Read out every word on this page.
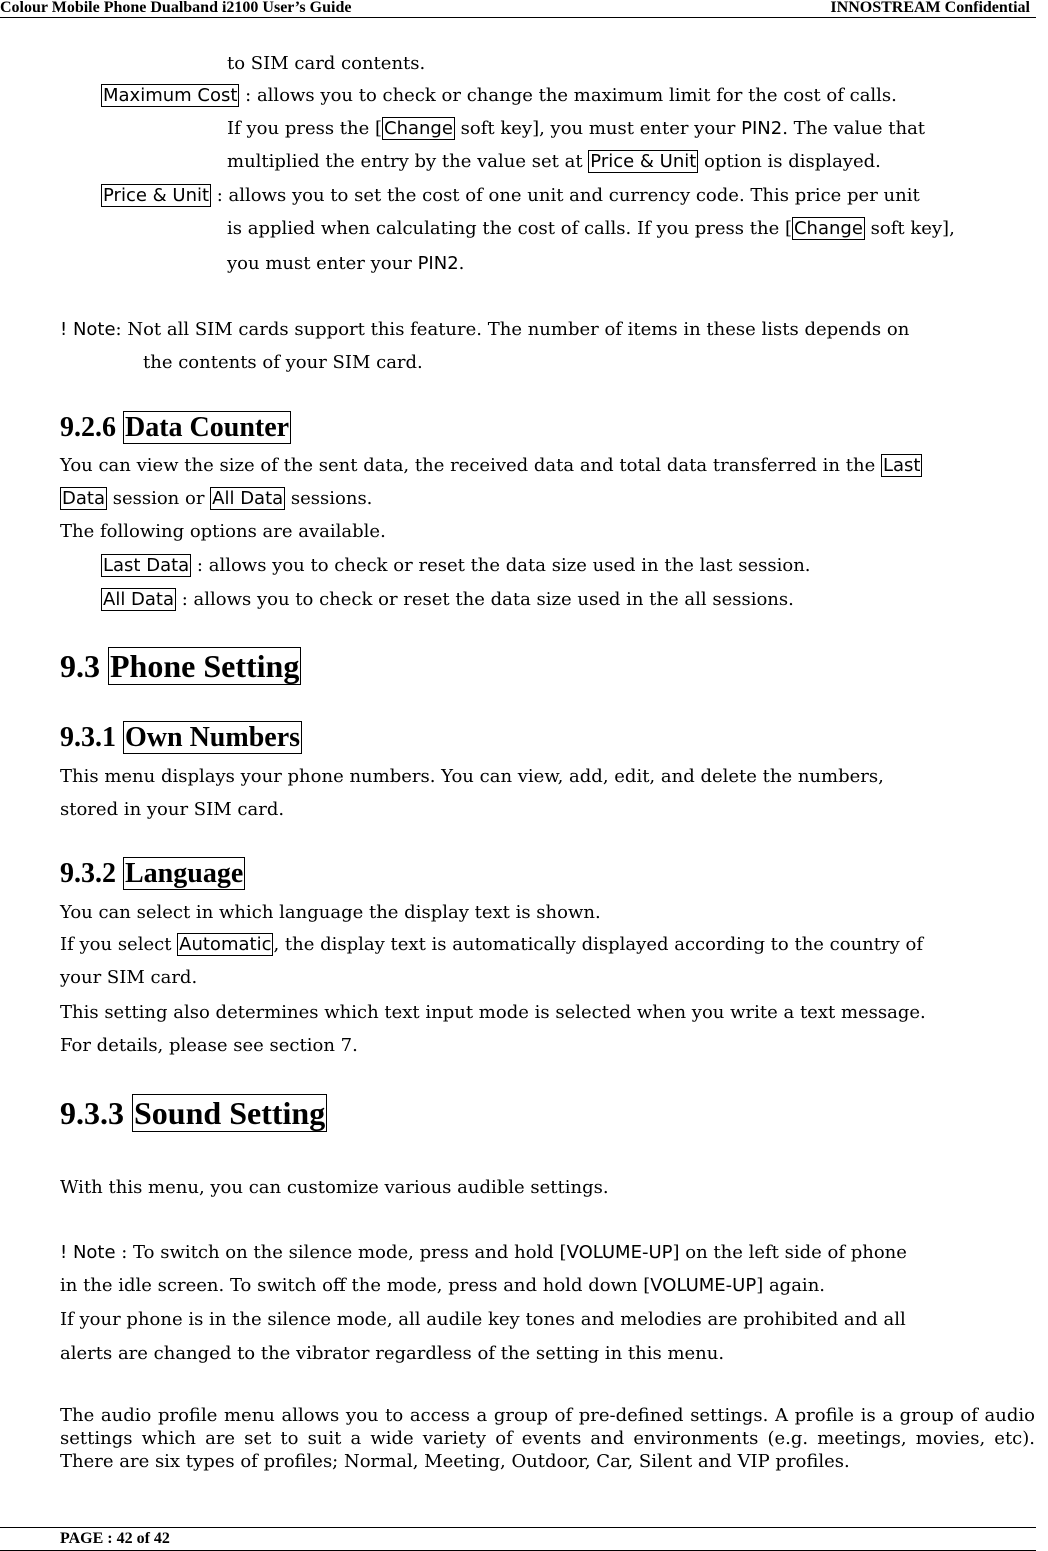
Colour Mobile Phone Dualband i2100 User’s Guide	INNOSTREAM Confidential
to SIM card contents.
Maximum Cost : allows you to check or change the maximum limit for the cost of calls.
If you press the [ Change soft key], you must enter your PIN2. The value that
multiplied the entry by the value set at Price & Unit option is displayed.
Price & Unit : allows you to set the cost of one unit and currency code. This price per unit
is applied when calculating the cost of calls. If you press the [ Change soft key],
you must enter your PIN2.
! Note: Not all SIM cards support this feature. The number of items in these lists depends on
the contents of your SIM card.
9.2.6 Data Counter
You can view the size of the sent data, the received data and total data transferred in the Last
Data session or All Data sessions.
The following options are available.
Last Data : allows you to check or reset the data size used in the last session.
All Data : allows you to check or reset the data size used in the all sessions.
9.3 Phone Setting
9.3.1 Own Numbers
This menu displays your phone numbers. You can view, add, edit, and delete the numbers,
stored in your SIM card.
9.3.2 Language
You can select in which language the display text is shown.
If you select Automatic , the display text is automatically displayed according to the country of
your SIM card.
This setting also determines which text input mode is selected when you write a text message.
For details, please see section 7.
9.3.3 Sound Setting
With this menu, you can customize various audible settings.
! Note : To switch on the silence mode, press and hold [VOLUME-UP] on the left side of phone
in the idle screen. To switch off the mode, press and hold down [VOLUME-UP] again.
If your phone is in the silence mode, all audile key tones and melodies are prohibited and all
alerts are changed to the vibrator regardless of the setting in this menu.
The audio profile menu allows you to access a group of pre-defined settings. A profile is a group of audio settings which are set to suit a wide variety of events and environments (e.g. meetings, movies, etc). There are six types of profiles; Normal, Meeting, Outdoor, Car, Silent and VIP profiles.
PAGE : 42 of 42
